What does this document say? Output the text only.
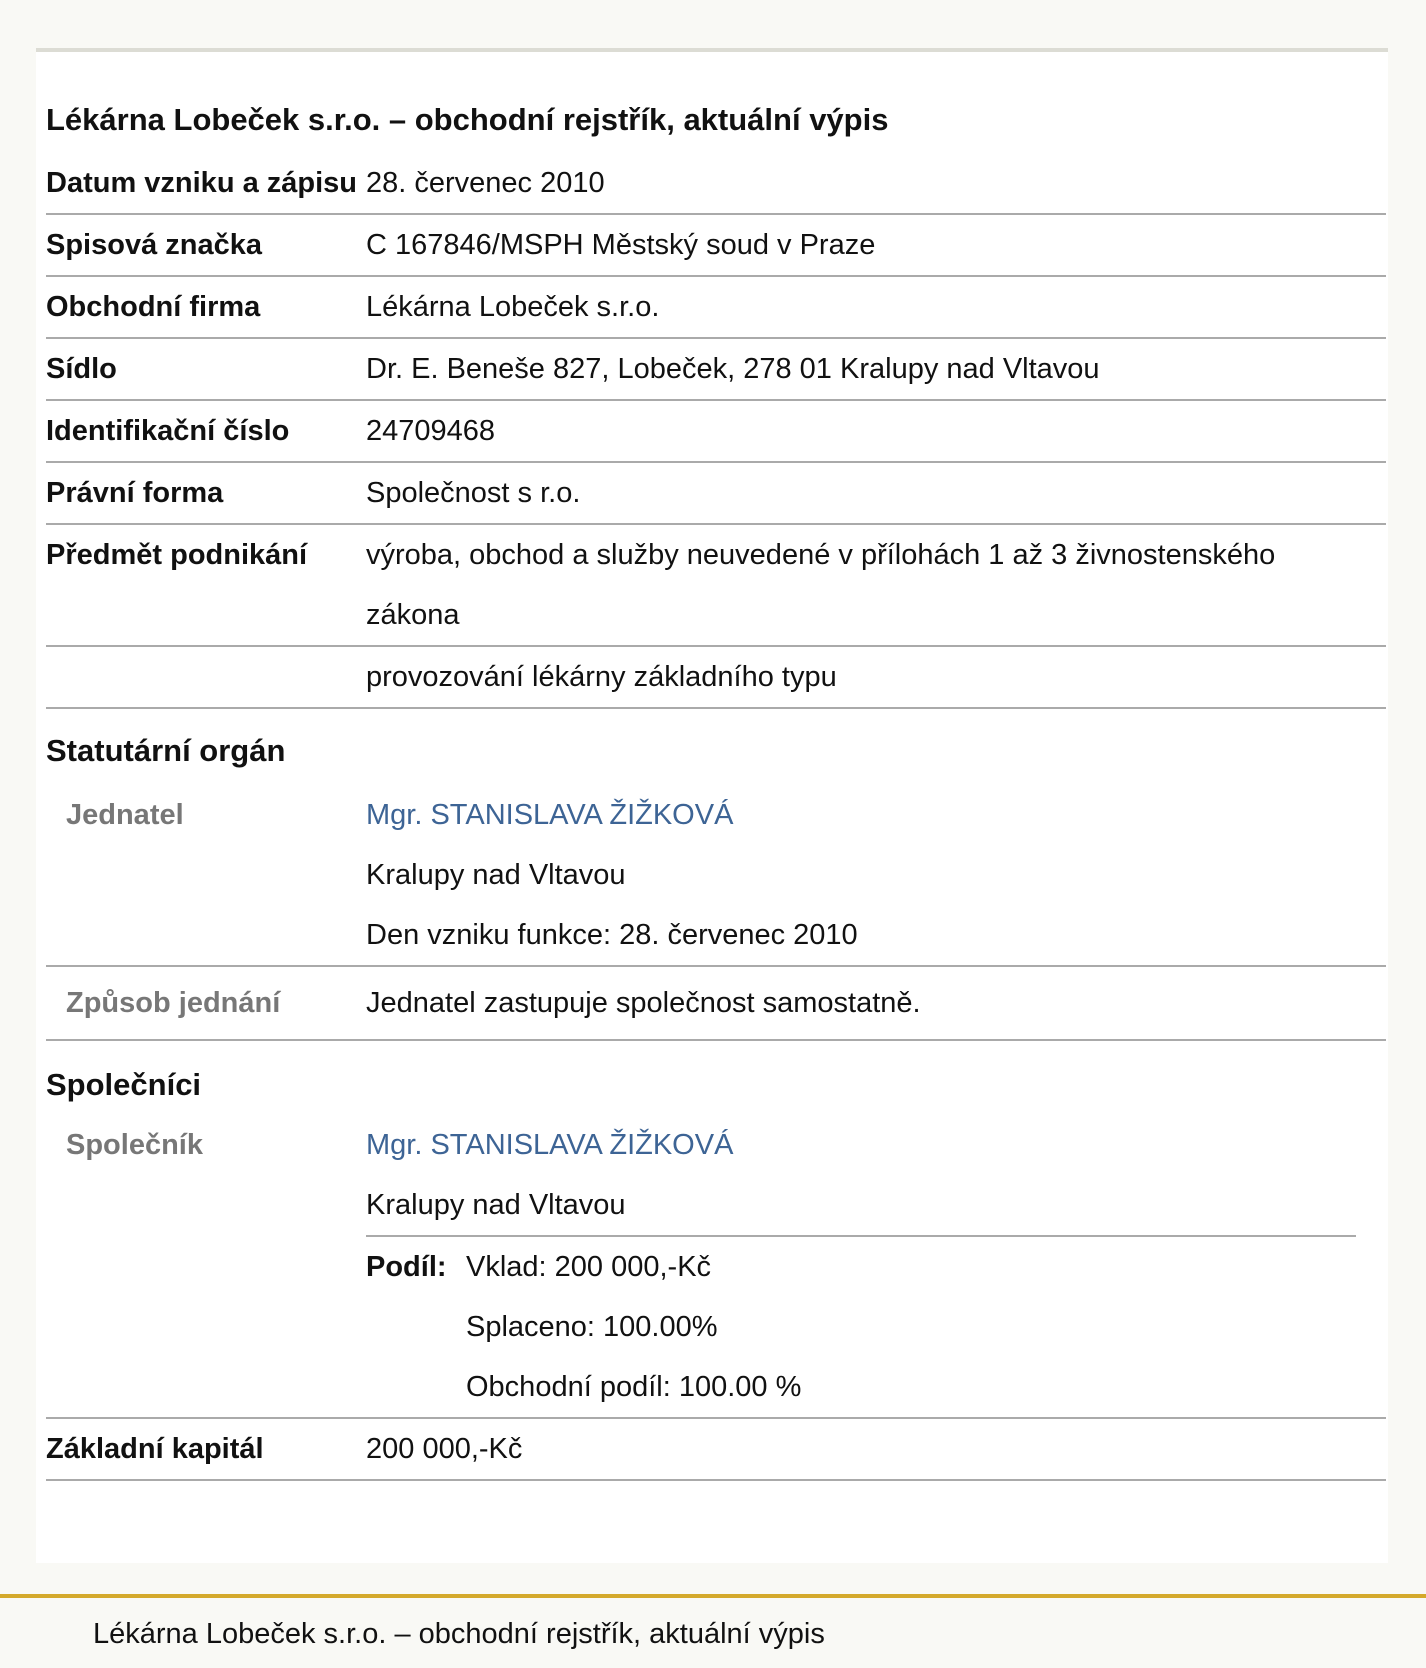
Lékárna Lobeček s.r.o. – obchodní rejstřík, aktuální výpis
Datum vzniku a zápisu 28. červenec 2010
Spisová značka	C 167846/MSPH Městský soud v Praze
Obchodní firma	Lékárna Lobeček s.r.o.
Sídlo	Dr. E. Beneše 827, Lobeček, 278 01 Kralupy nad Vltavou
Identifikační číslo	24709468
Právní forma	Společnost s r.o.
Předmět podnikání	výroba, obchod a služby neuvedené v přílohách 1 až 3 živnostenského zákona
provozování lékárny základního typu
Statutární orgán
Jednatel	Mgr. STANISLAVA ŽIŽKOVÁ
Kralupy nad Vltavou
Den vzniku funkce: 28. červenec 2010
Způsob jednání	Jednatel zastupuje společnost samostatně.
Společníci
Společník	Mgr. STANISLAVA ŽIŽKOVÁ
Kralupy nad Vltavou
Podíl: Vklad: 200 000,-Kč
Splaceno: 100.00%
Obchodní podíl: 100.00 %
Základní kapitál	200 000,-Kč
Lékárna Lobeček s.r.o. – obchodní rejstřík, aktuální výpis
